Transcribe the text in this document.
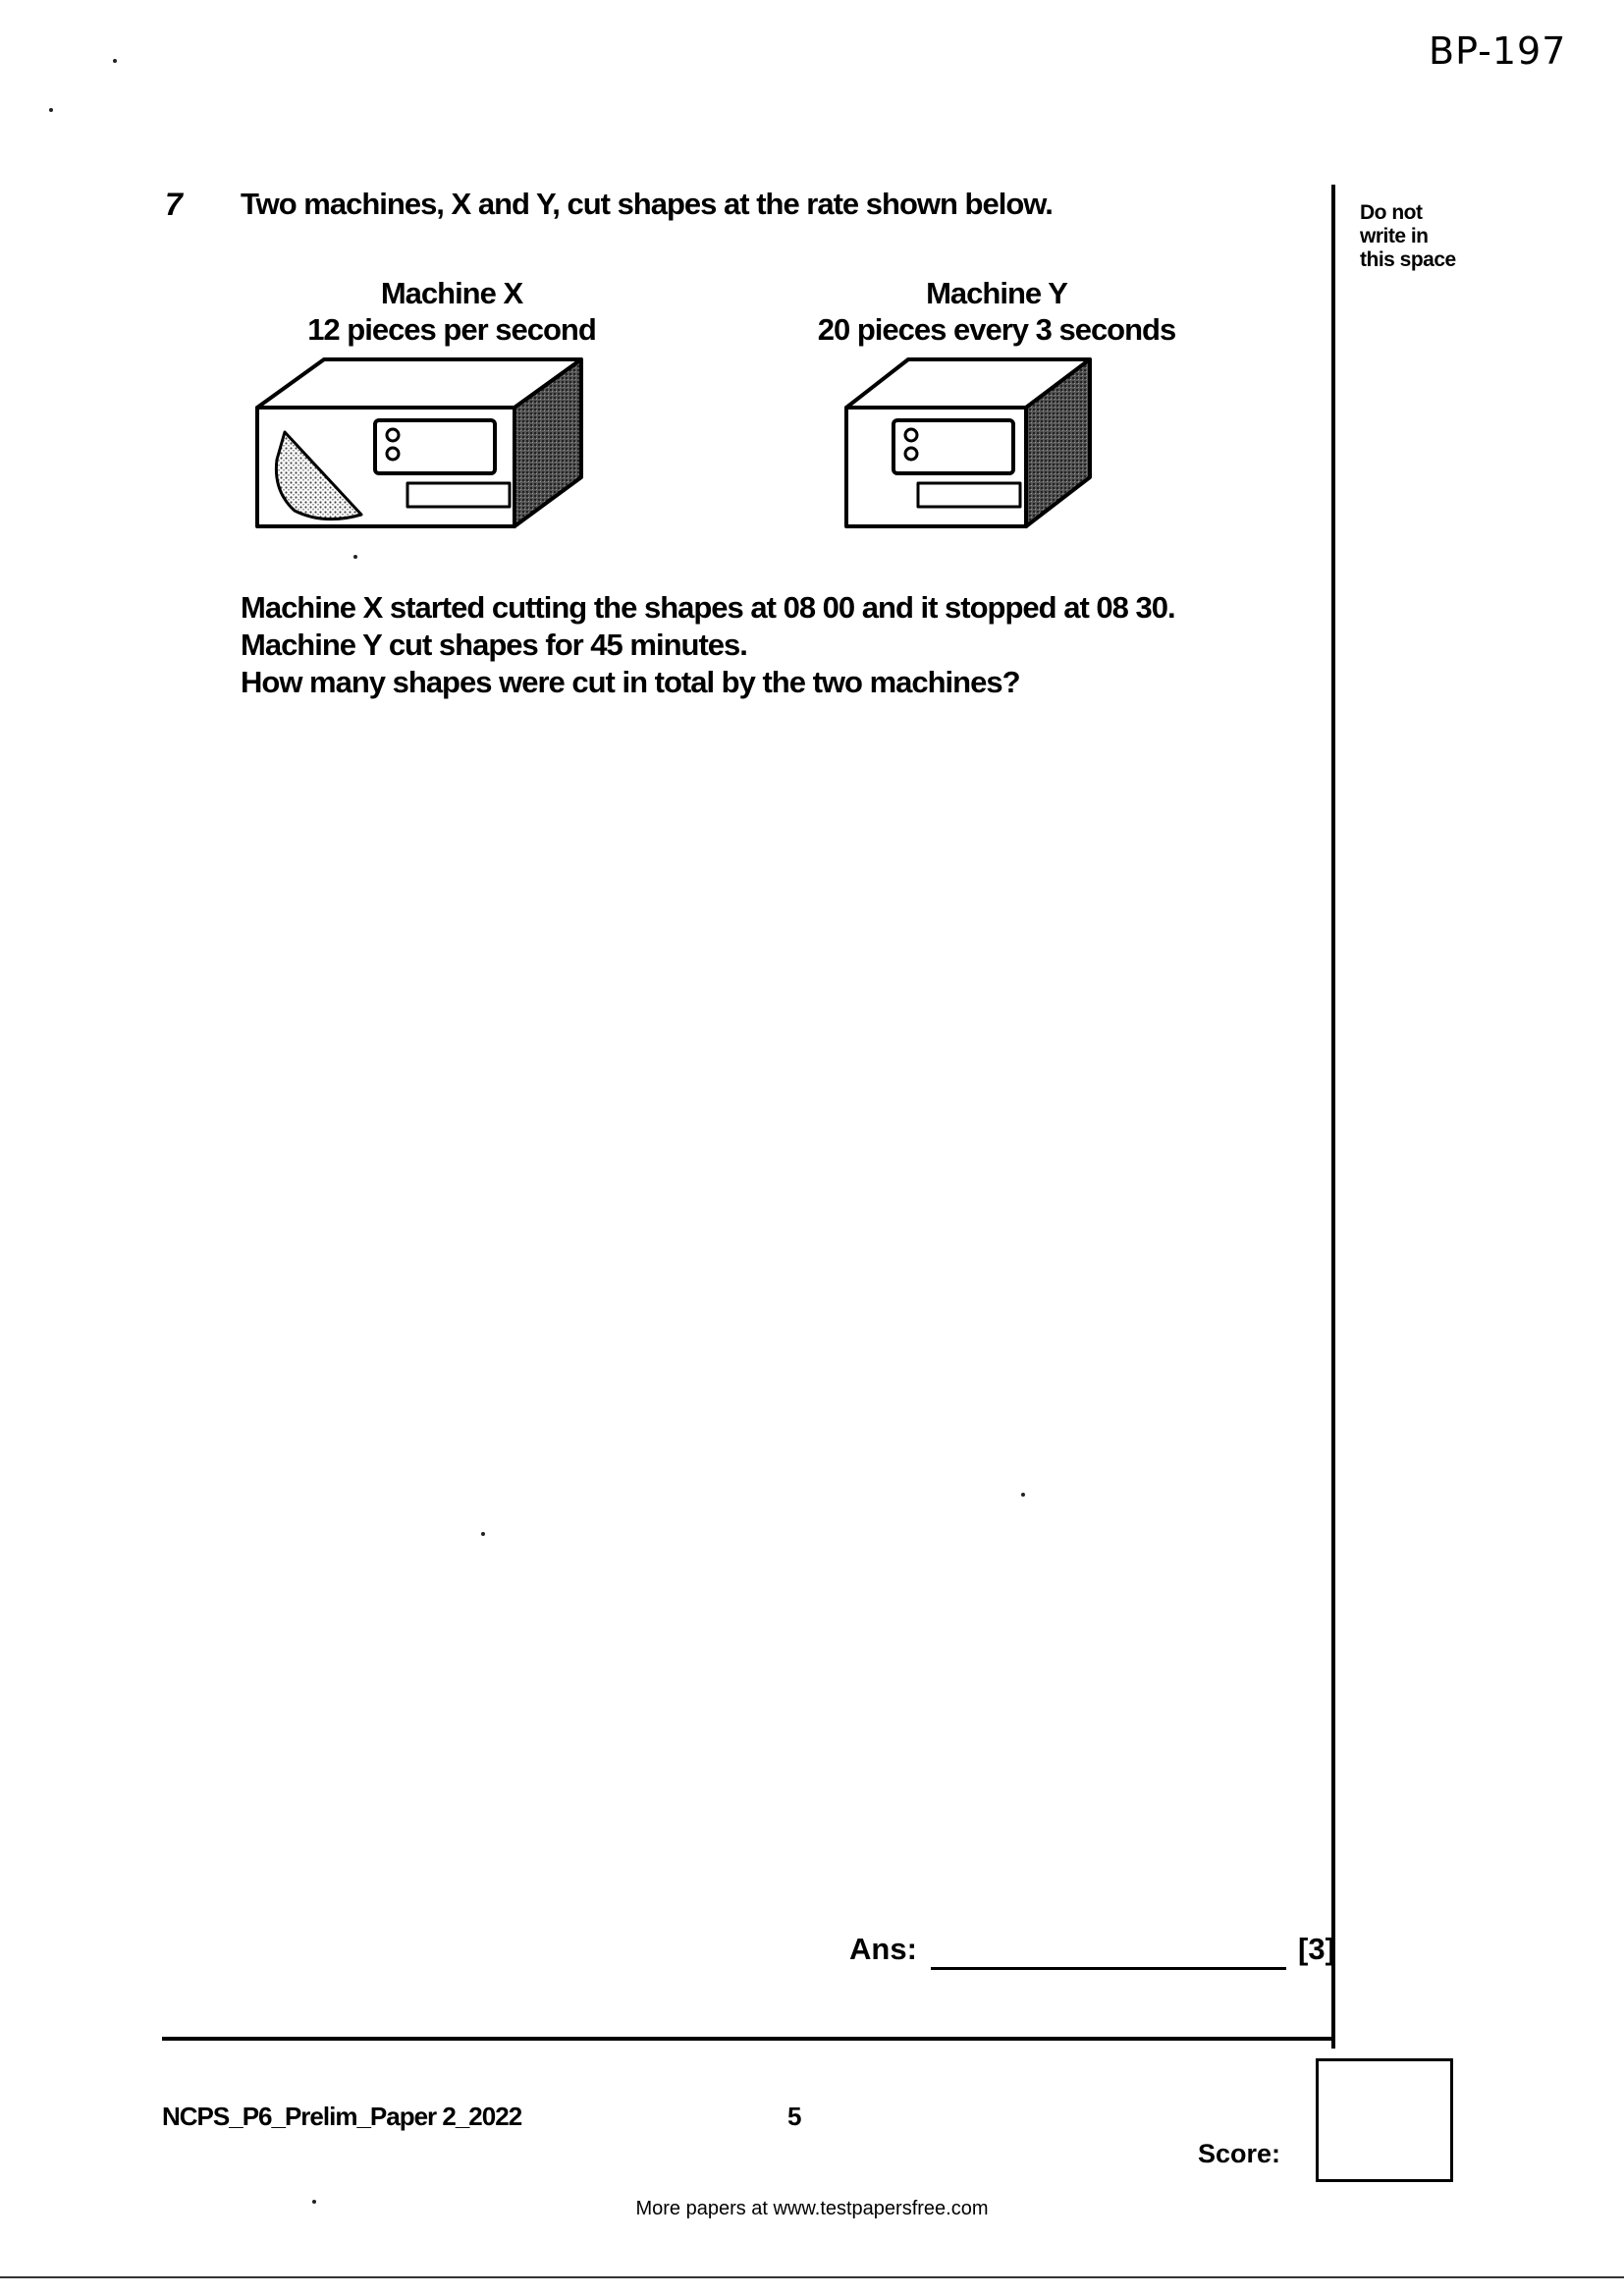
BP-197
7 Two machines, X and Y, cut shapes at the rate shown below.	Do not write in this space
Machine X
12 pieces per second
Machine Y
20 pieces every 3 seconds
Machine X started cutting the shapes at 08 00 and it stopped at 08 30.
Machine Y cut shapes for 45 minutes.
How many shapes were cut in total by the two machines?
Ans:	[3]
NCPS_P6_Prelim_Paper 2_2022	5
Score:
More papers at www.testpapersfree.com
